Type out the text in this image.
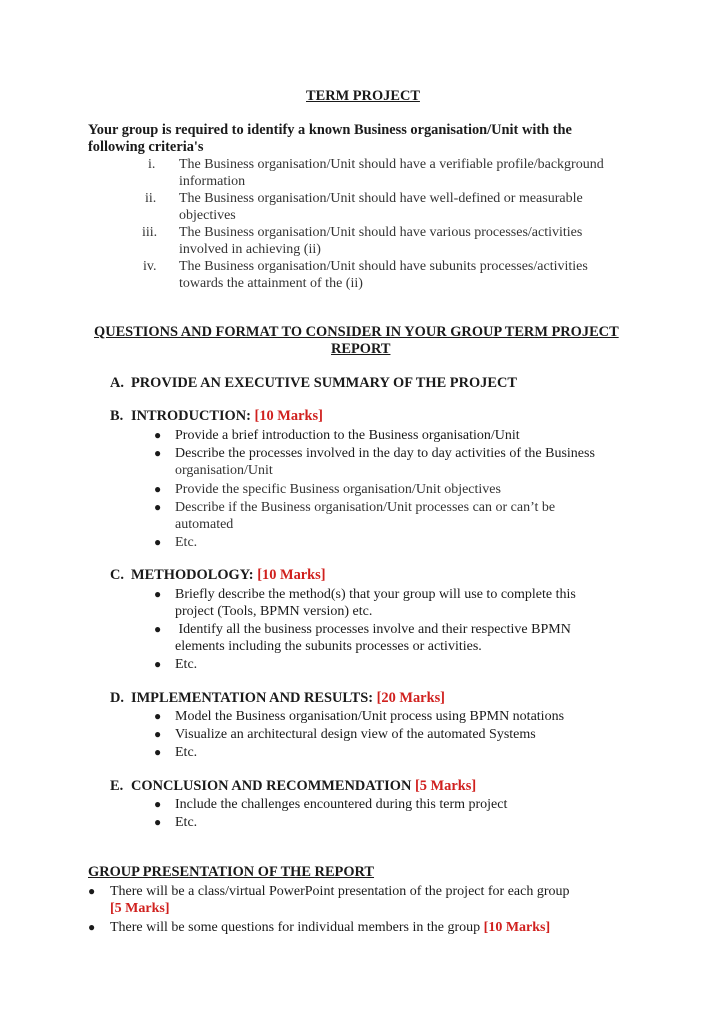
TERM PROJECT
Your group is required to identify a known Business organisation/Unit with the
following criteria's
i. The Business organisation/Unit should have a verifiable profile/background
information
ii. The Business organisation/Unit should have well-defined or measurable
objectives
iii. The Business organisation/Unit should have various processes/activities
involved in achieving (ii)
iv. The Business organisation/Unit should have subunits processes/activities
towards the attainment of the (ii)
QUESTIONS AND FORMAT TO CONSIDER IN YOUR GROUP TERM PROJECT
REPORT
A. PROVIDE AN EXECUTIVE SUMMARY OF THE PROJECT
B. INTRODUCTION: [10 Marks]
● Provide a brief introduction to the Business organisation/Unit
● Describe the processes involved in the day to day activities of the Business
organisation/Unit
● Provide the specific Business organisation/Unit objectives
● Describe if the Business organisation/Unit processes can or can’t be
automated
● Etc.
C. METHODOLOGY: [10 Marks]
● Briefly describe the method(s) that your group will use to complete this
project (Tools, BPMN version) etc.
● Identify all the business processes involve and their respective BPMN
elements including the subunits processes or activities.
● Etc.
D. IMPLEMENTATION AND RESULTS: [20 Marks]
● Model the Business organisation/Unit process using BPMN notations
● Visualize an architectural design view of the automated Systems
● Etc.
E. CONCLUSION AND RECOMMENDATION [5 Marks]
● Include the challenges encountered during this term project
● Etc.
GROUP PRESENTATION OF THE REPORT
● There will be a class/virtual PowerPoint presentation of the project for each group
[5 Marks]
● There will be some questions for individual members in the group [10 Marks]
